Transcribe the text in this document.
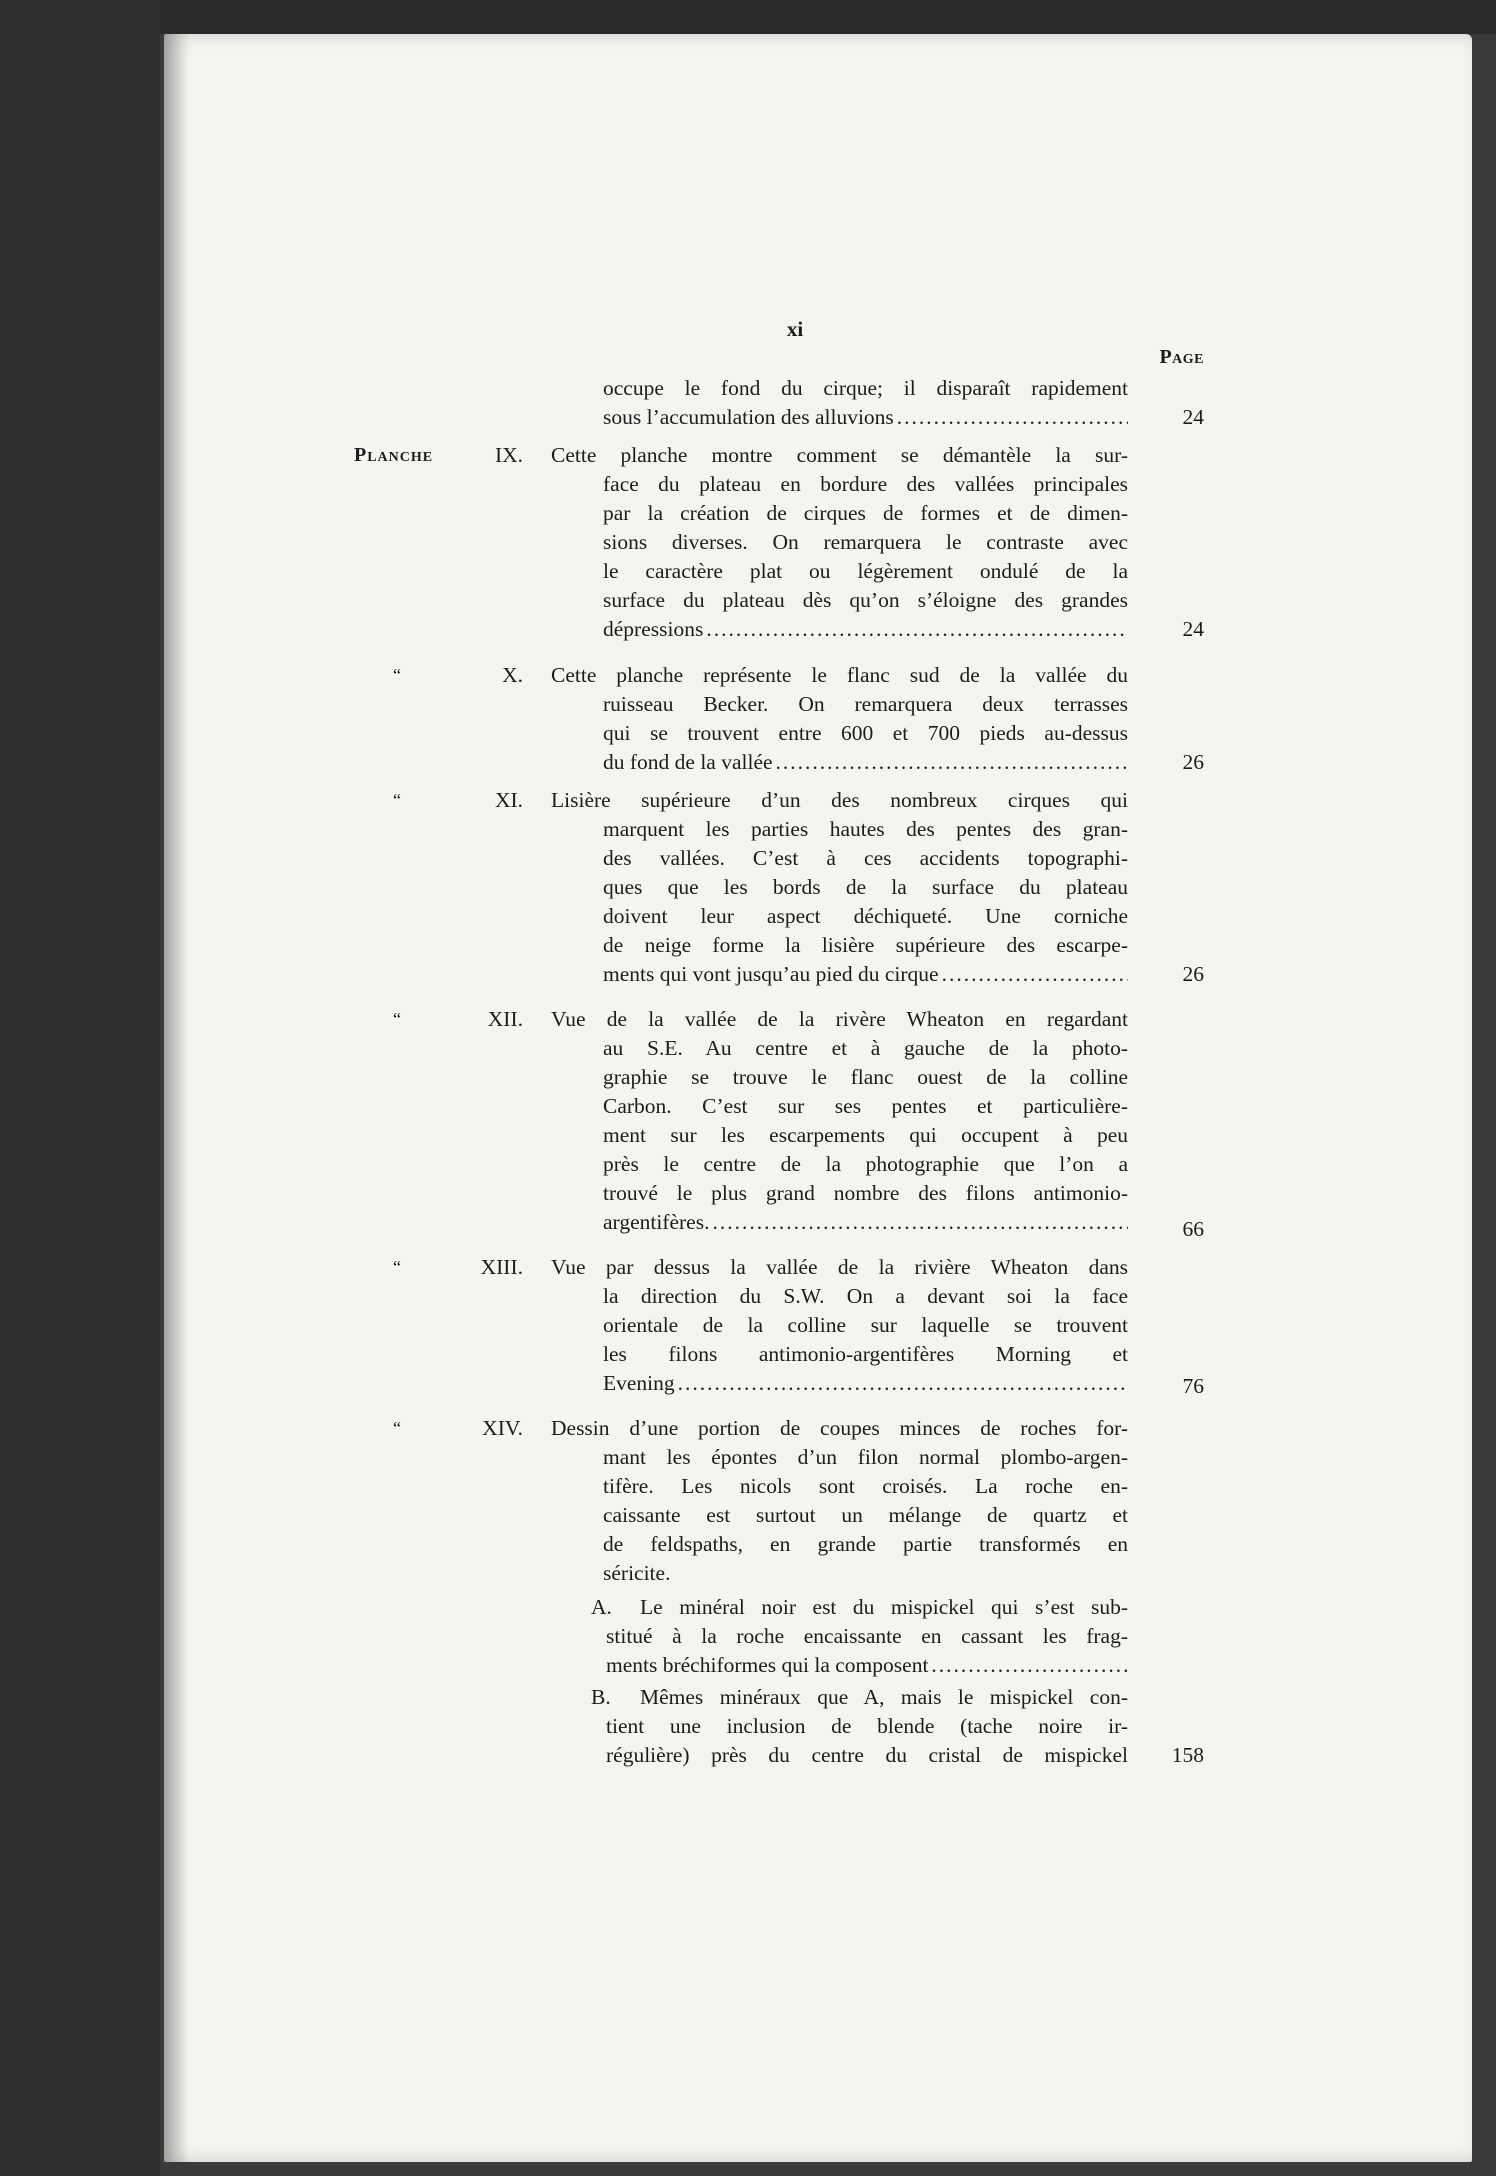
xi
Page
occupe le fond du cirque; il disparaît rapidement
sous l’accumulation des alluvions .....	24
Planche	IX. Cette planche montre comment se démantèle la sur-
face du plateau en bordure des vallées principales
par la création de cirques de formes et de dimen-
sions diverses. On remarquera le contraste avec
le caractère plat ou légèrement ondulé de la
surface du plateau dès qu’on s’éloigne des grandes
dépressions .....	24
“	X. Cette planche représente le flanc sud de la vallée du
ruisseau Becker. On remarquera deux terrasses
qui se trouvent entre 600 et 700 pieds au-dessus
du fond de la vallée .....	26
“	XI. Lisière supérieure d’un des nombreux cirques qui
marquent les parties hautes des pentes des gran-
des vallées. C’est à ces accidents topographi-
ques que les bords de la surface du plateau
doivent leur aspect déchiqueté. Une corniche
de neige forme la lisière supérieure des escarpe-
ments qui vont jusqu’au pied du cirque .....	26
“	XII. Vue de la vallée de la rivère Wheaton en regardant
au S.E. Au centre et à gauche de la photo-
graphie se trouve le flanc ouest de la colline
Carbon. C’est sur ses pentes et particulière-
ment sur les escarpements qui occupent à peu
près le centre de la photographie que l’on a
trouvé le plus grand nombre des filons antimonio-
argentifères. .....	66
“	XIII. Vue par dessus la vallée de la rivière Wheaton dans
la direction du S.W. On a devant soi la face
orientale de la colline sur laquelle se trouvent
les filons antimonio-argentifères Morning et
Evening .....	76
“	XIV. Dessin d’une portion de coupes minces de roches for-
mant les épontes d’un filon normal plombo-argen-
tifère. Les nicols sont croisés. La roche en-
caissante est surtout un mélange de quartz et
de feldspaths, en grande partie transformés en
séricite.
A.	Le minéral noir est du mispickel qui s’est sub-
stitué à la roche encaissante en cassant les frag-
ments bréchiformes qui la composent
.....
B.	Mêmes minéraux que A, mais le mispickel con-
tient une inclusion de blende (tache noire ir-
régulière) près du centre du cristal de mispickel	158
